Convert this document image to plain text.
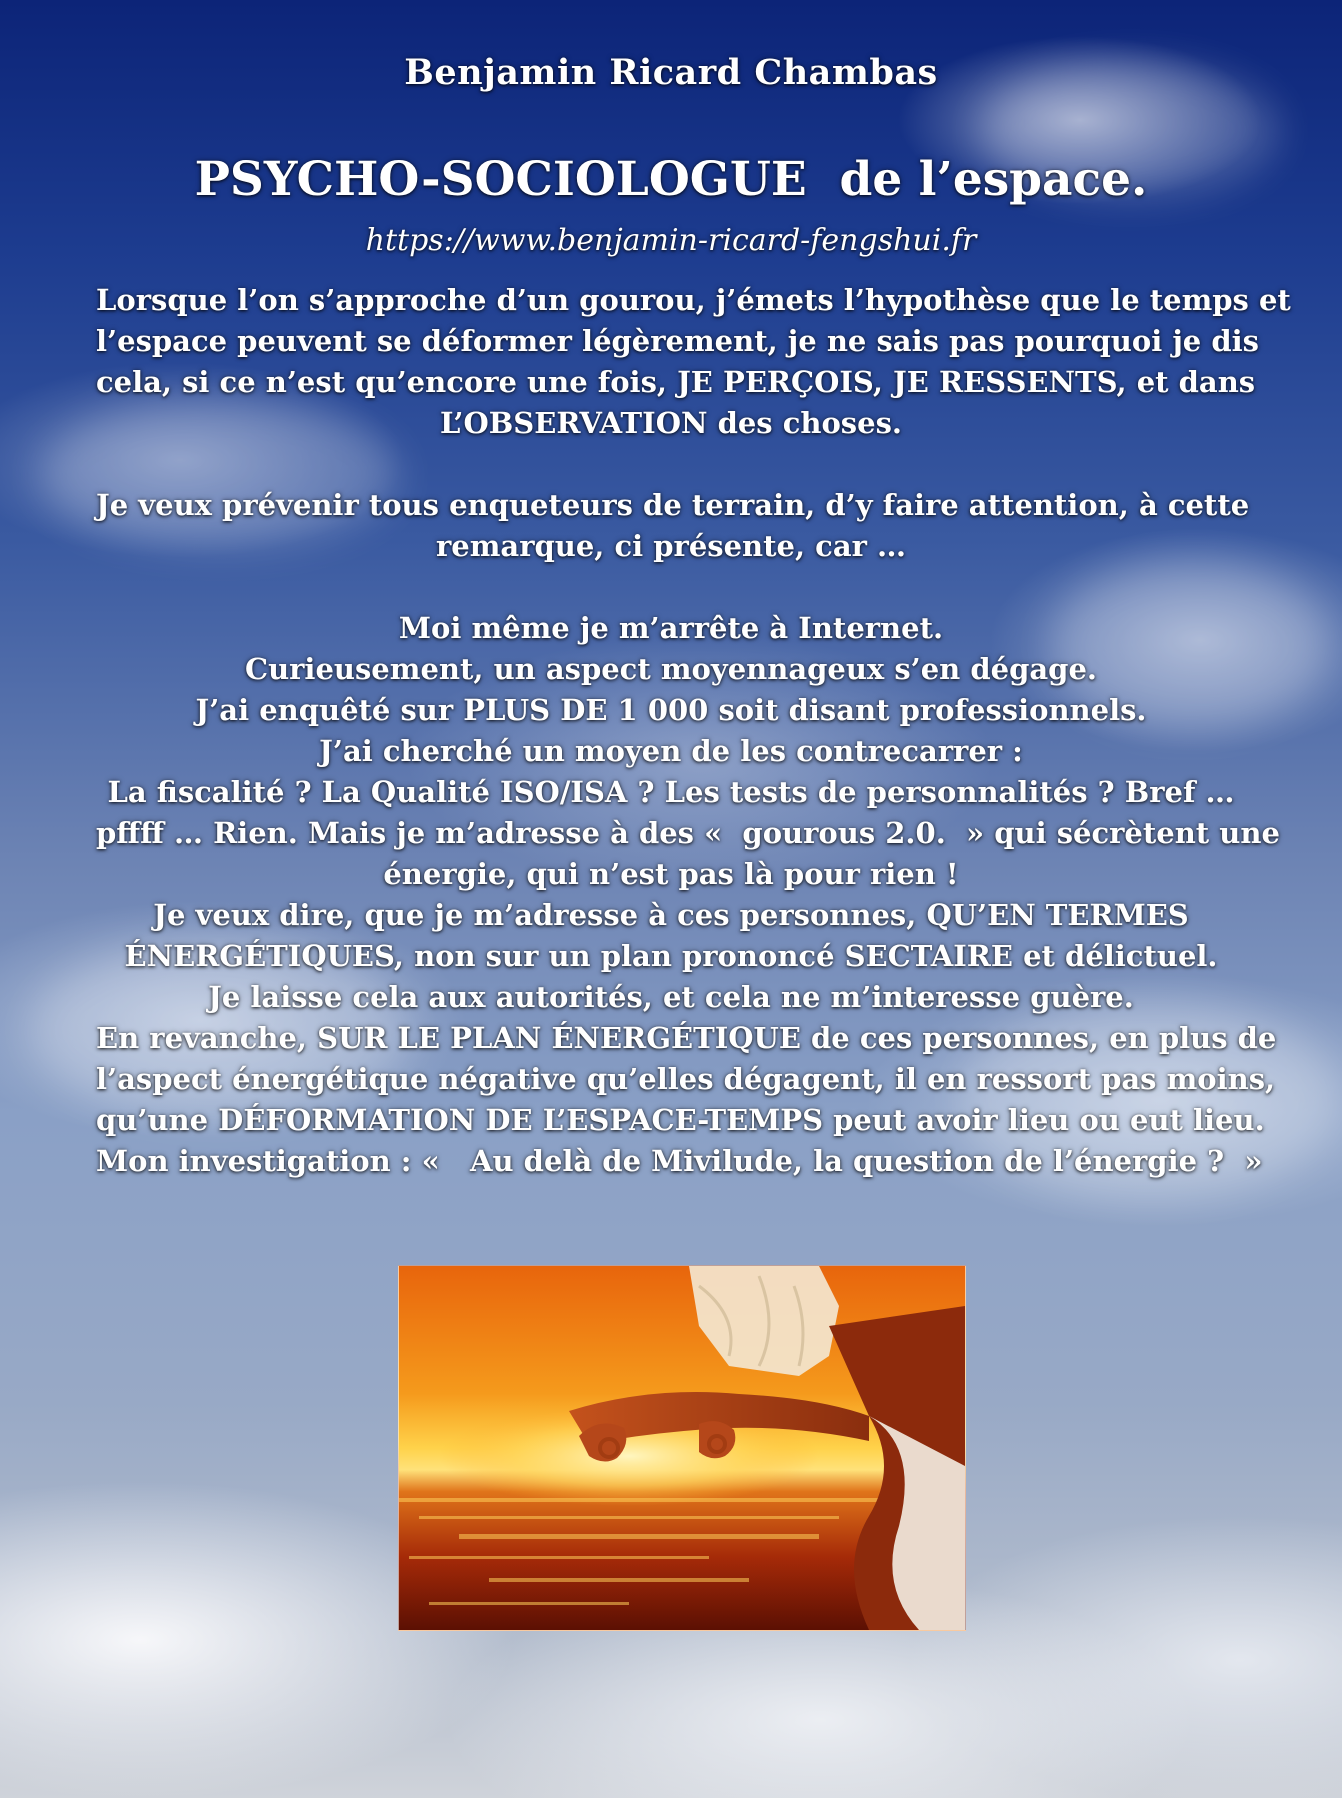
Benjamin Ricard Chambas
PSYCHO-SOCIOLOGUE  de l’espace.
https://www.benjamin-ricard-fengshui.fr
Lorsque l’on s’approche d’un gourou, j’émets l’hypothèse que le temps et
l’espace peuvent se déformer légèrement, je ne sais pas pourquoi je dis
cela, si ce n’est qu’encore une fois, JE PERÇOIS, JE RESSENTS, et dans
L’OBSERVATION des choses.
Je veux prévenir tous enqueteurs de terrain, d’y faire attention, à cette
remarque, ci présente, car …
Moi même je m’arrête à Internet.
Curieusement, un aspect moyennageux s’en dégage.
J’ai enquêté sur PLUS DE 1 000 soit disant professionnels.
J’ai cherché un moyen de les contrecarrer :
La fiscalité ? La Qualité ISO/ISA ? Les tests de personnalités ? Bref …
pffff … Rien. Mais je m’adresse à des «  gourous 2.0.  » qui sécrètent une
énergie, qui n’est pas là pour rien !
Je veux dire, que je m’adresse à ces personnes, QU’EN TERMES
ÉNERGÉTIQUES, non sur un plan prononcé SECTAIRE et délictuel.
Je laisse cela aux autorités, et cela ne m’interesse guère.
En revanche, SUR LE PLAN ÉNERGÉTIQUE de ces personnes, en plus de
l’aspect énergétique négative qu’elles dégagent, il en ressort pas moins,
qu’une DÉFORMATION DE L’ESPACE-TEMPS peut avoir lieu ou eut lieu.
Mon investigation : «   Au delà de Mivilude, la question de l’énergie ?  »
